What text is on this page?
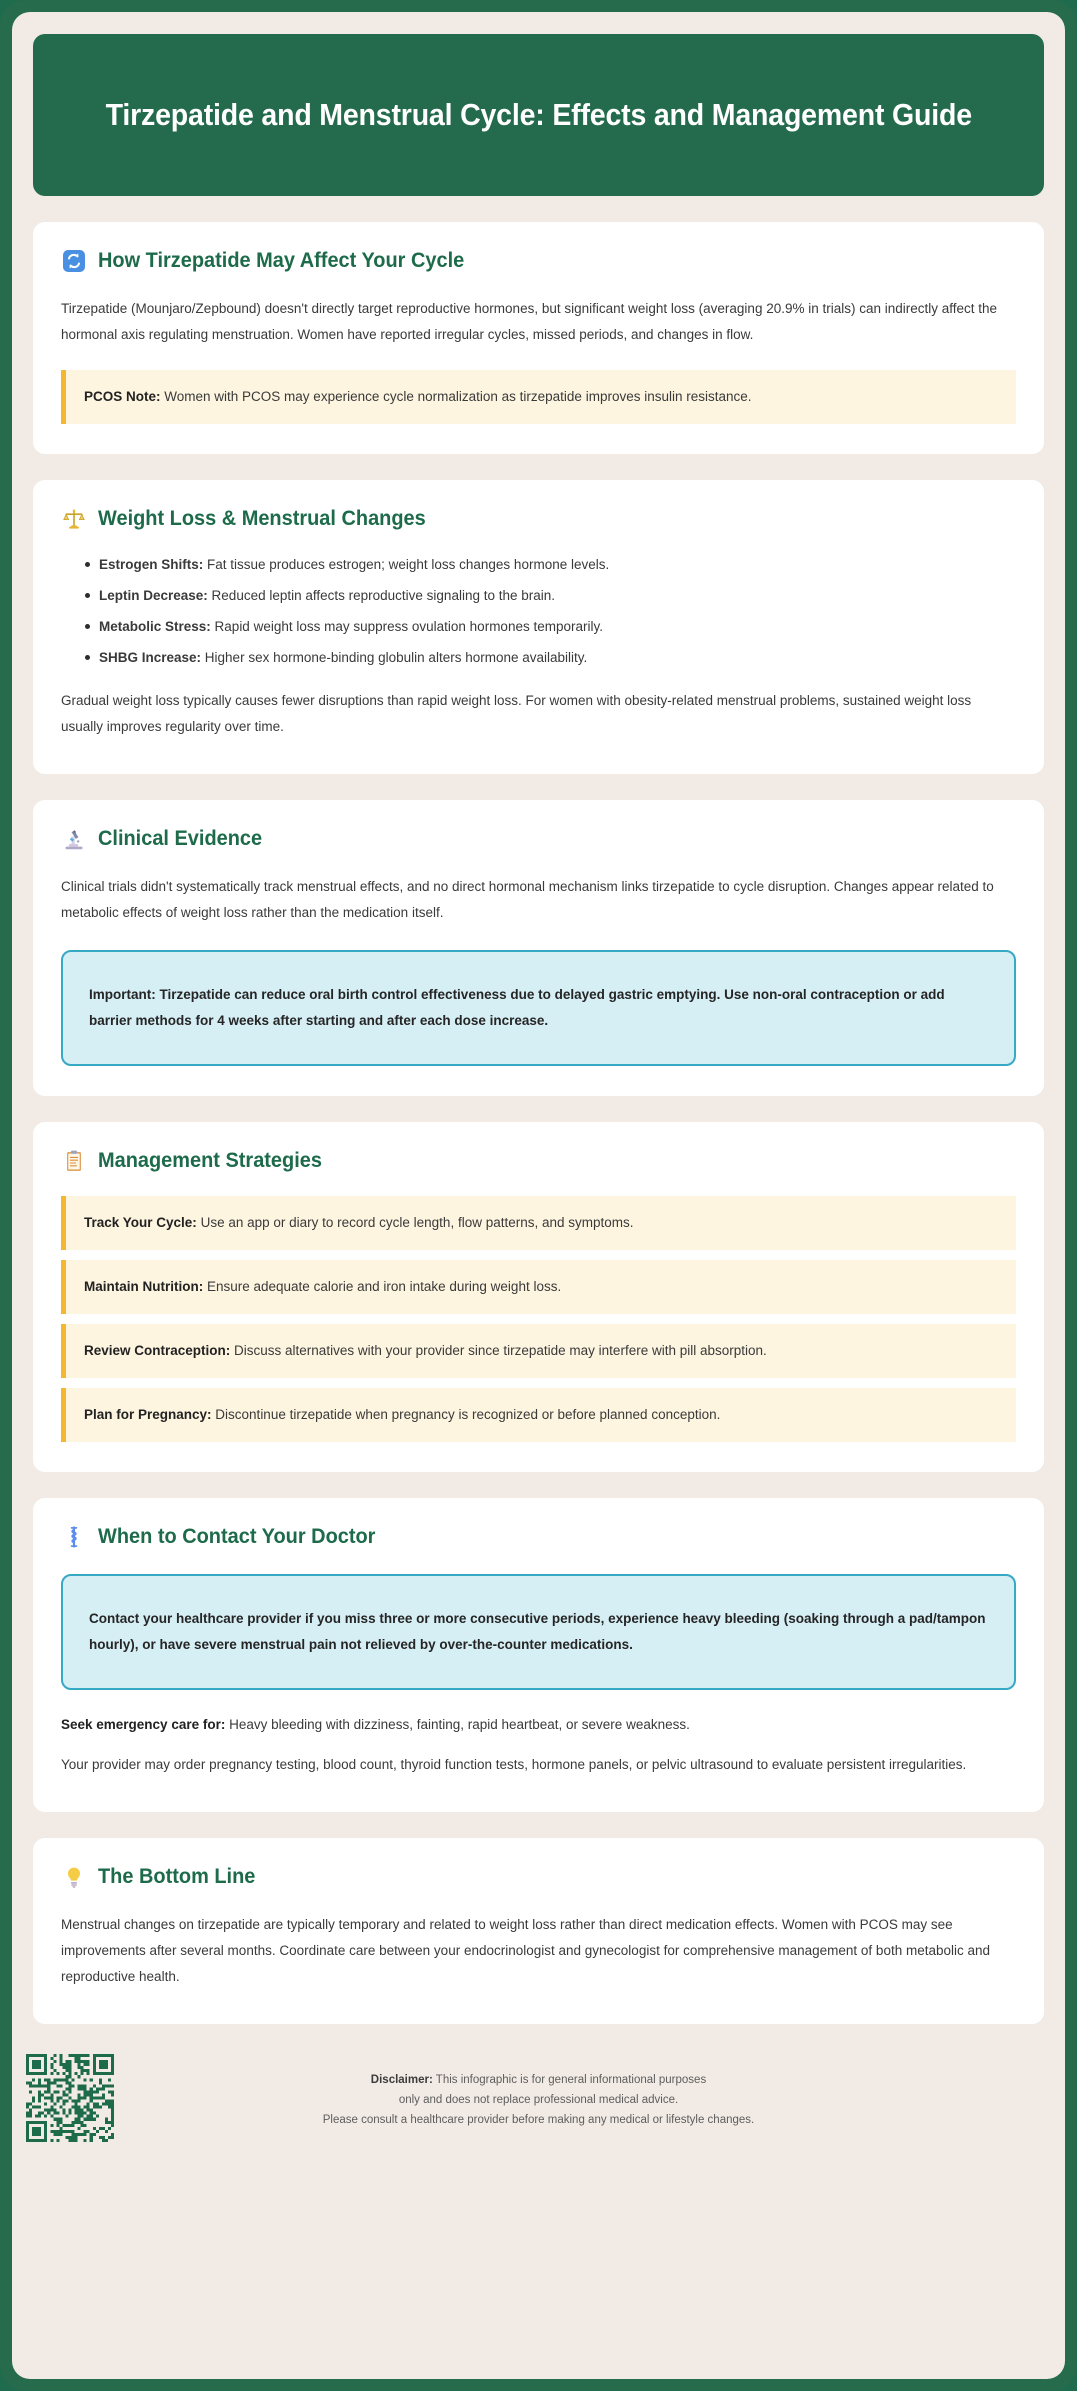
Tirzepatide and Menstrual Cycle: Effects and Management Guide
How Tirzepatide May Affect Your Cycle

Tirzepatide (Mounjaro/Zepbound) doesn't directly target reproductive hormones, but significant weight loss (averaging 20.9% in trials) can indirectly affect the hormonal axis regulating menstruation. Women have reported irregular cycles, missed periods, and changes in flow.

PCOS Note: Women with PCOS may experience cycle normalization as tirzepatide improves insulin resistance.
Weight Loss & Menstrual Changes
Estrogen Shifts: Fat tissue produces estrogen; weight loss changes hormone levels.
Leptin Decrease: Reduced leptin affects reproductive signaling to the brain.
Metabolic Stress: Rapid weight loss may suppress ovulation hormones temporarily.
SHBG Increase: Higher sex hormone-binding globulin alters hormone availability.

Gradual weight loss typically causes fewer disruptions than rapid weight loss. For women with obesity-related menstrual problems, sustained weight loss usually improves regularity over time.

Clinical Evidence

Clinical trials didn't systematically track menstrual effects, and no direct hormonal mechanism links tirzepatide to cycle disruption. Changes appear related to metabolic effects of weight loss rather than the medication itself.

Important: Tirzepatide can reduce oral birth control effectiveness due to delayed gastric emptying. Use non-oral contraception or add barrier methods for 4 weeks after starting and after each dose increase.
Management Strategies
Track Your Cycle: Use an app or diary to record cycle length, flow patterns, and symptoms.
Maintain Nutrition: Ensure adequate calorie and iron intake during weight loss.
Review Contraception: Discuss alternatives with your provider since tirzepatide may interfere with pill absorption.
Plan for Pregnancy: Discontinue tirzepatide when pregnancy is recognized or before planned conception.
When to Contact Your Doctor
Contact your healthcare provider if you miss three or more consecutive periods, experience heavy bleeding (soaking through a pad/tampon hourly), or have severe menstrual pain not relieved by over-the-counter medications.

Seek emergency care for: Heavy bleeding with dizziness, fainting, rapid heartbeat, or severe weakness.

Your provider may order pregnancy testing, blood count, thyroid function tests, hormone panels, or pelvic ultrasound to evaluate persistent irregularities.

The Bottom Line

Menstrual changes on tirzepatide are typically temporary and related to weight loss rather than direct medication effects. Women with PCOS may see improvements after several months. Coordinate care between your endocrinologist and gynecologist for comprehensive management of both metabolic and reproductive health.

Disclaimer: This infographic is for general informational purposes
only and does not replace professional medical advice.
Please consult a healthcare provider before making any medical or lifestyle changes.
